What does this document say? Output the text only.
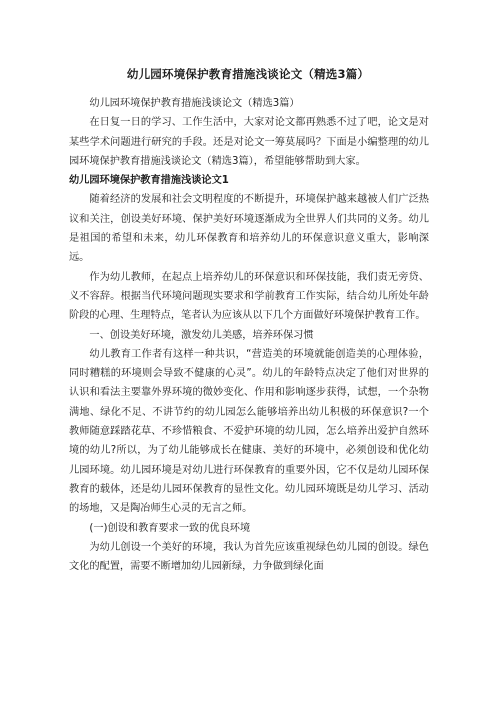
幼儿园环境保护教育措施浅谈论文（精选3篇）

幼儿园环境保护教育措施浅谈论文（精选3篇）

在日复一日的学习、工作生活中，大家对论文都再熟悉不过了吧，论文是对某些学术问题进行研究的手段。还是对论文一筹莫展吗？下面是小编整理的幼儿园环境保护教育措施浅谈论文（精选3篇），希望能够帮助到大家。

幼儿园环境保护教育措施浅谈论文1

随着经济的发展和社会文明程度的不断提升，环境保护越来越被人们广泛热议和关注，创设美好环境、保护美好环境逐渐成为全世界人们共同的义务。幼儿是祖国的希望和未来，幼儿环保教育和培养幼儿的环保意识意义重大，影响深远。

作为幼儿教师，在起点上培养幼儿的环保意识和环保技能，我们责无旁贷、义不容辞。根据当代环境问题现实要求和学前教育工作实际，结合幼儿所处年龄阶段的心理、生理特点，笔者认为应该从以下几个方面做好环境保护教育工作。

一、创设美好环境，激发幼儿美感，培养环保习惯

幼儿教育工作者有这样一种共识，“营造美的环境就能创造美的心理体验，同时糟糕的环境则会导致不健康的心灵”。幼儿的年龄特点决定了他们对世界的认识和看法主要靠外界环境的微妙变化、作用和影响逐步获得，试想，一个杂物满地、绿化不足、不讲节约的幼儿园怎么能够培养出幼儿积极的环保意识?一个教师随意踩踏花草、不珍惜粮食、不爱护环境的幼儿园，怎么培养出爱护自然环境的幼儿?所以，为了幼儿能够成长在健康、美好的环境中，必须创设和优化幼儿园环境。幼儿园环境是对幼儿进行环保教育的重要外因，它不仅是幼儿园环保教育的载体，还是幼儿园环保教育的显性文化。幼儿园环境既是幼儿学习、活动的场地，又是陶冶师生心灵的无言之师。

(一)创设和教育要求一致的优良环境

为幼儿创设一个美好的环境，我认为首先应该重视绿色幼儿园的创设。绿色文化的配置，需要不断增加幼儿园新绿，力争做到绿化面
